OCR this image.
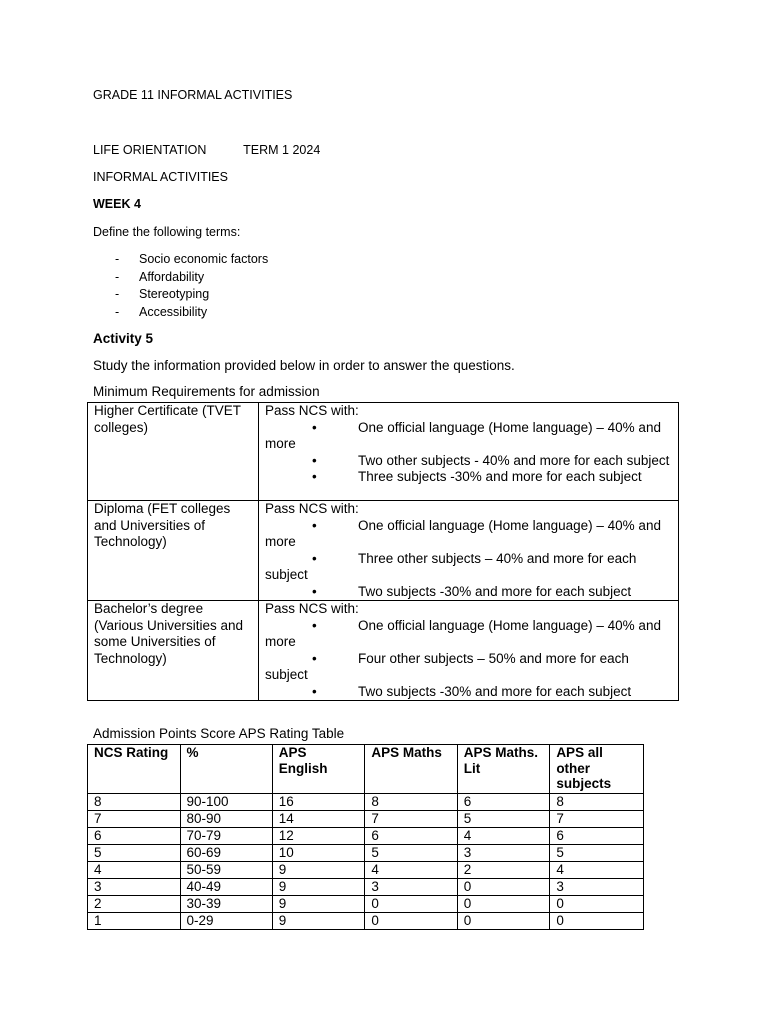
GRADE 11 INFORMAL ACTIVITIES
LIFE ORIENTATION	TERM 1 2024
INFORMAL ACTIVITIES
WEEK 4
Define the following terms:
- Socio economic factors
- Affordability
- Stereotyping
- Accessibility
Activity 5
Study the information provided below in order to answer the questions.
Minimum Requirements for admission
Higher Certificate (TVET colleges)	Pass NCS with:
• One official language (Home language) – 40% and more
• Two other subjects - 40% and more for each subject
• Three subjects -30% and more for each subject

Diploma (FET colleges and Universities of Technology)	Pass NCS with:
• One official language (Home language) – 40% and more
• Three other subjects – 40% and more for each subject
• Two subjects -30% and more for each subject

Bachelor’s degree (Various Universities and some Universities of Technology)	Pass NCS with:
• One official language (Home language) – 40% and more
• Four other subjects – 50% and more for each subject
• Two subjects -30% and more for each subject
Admission Points Score APS Rating Table
NCS Rating	%	APS English	APS Maths	APS Maths. Lit	APS all other subjects
8	90-100	16	8	6	8
7	80-90	14	7	5	7
6	70-79	12	6	4	6
5	60-69	10	5	3	5
4	50-59	9	4	2	4
3	40-49	9	3	0	3
2	30-39	9	0	0	0
1	0-29	9	0	0	0
